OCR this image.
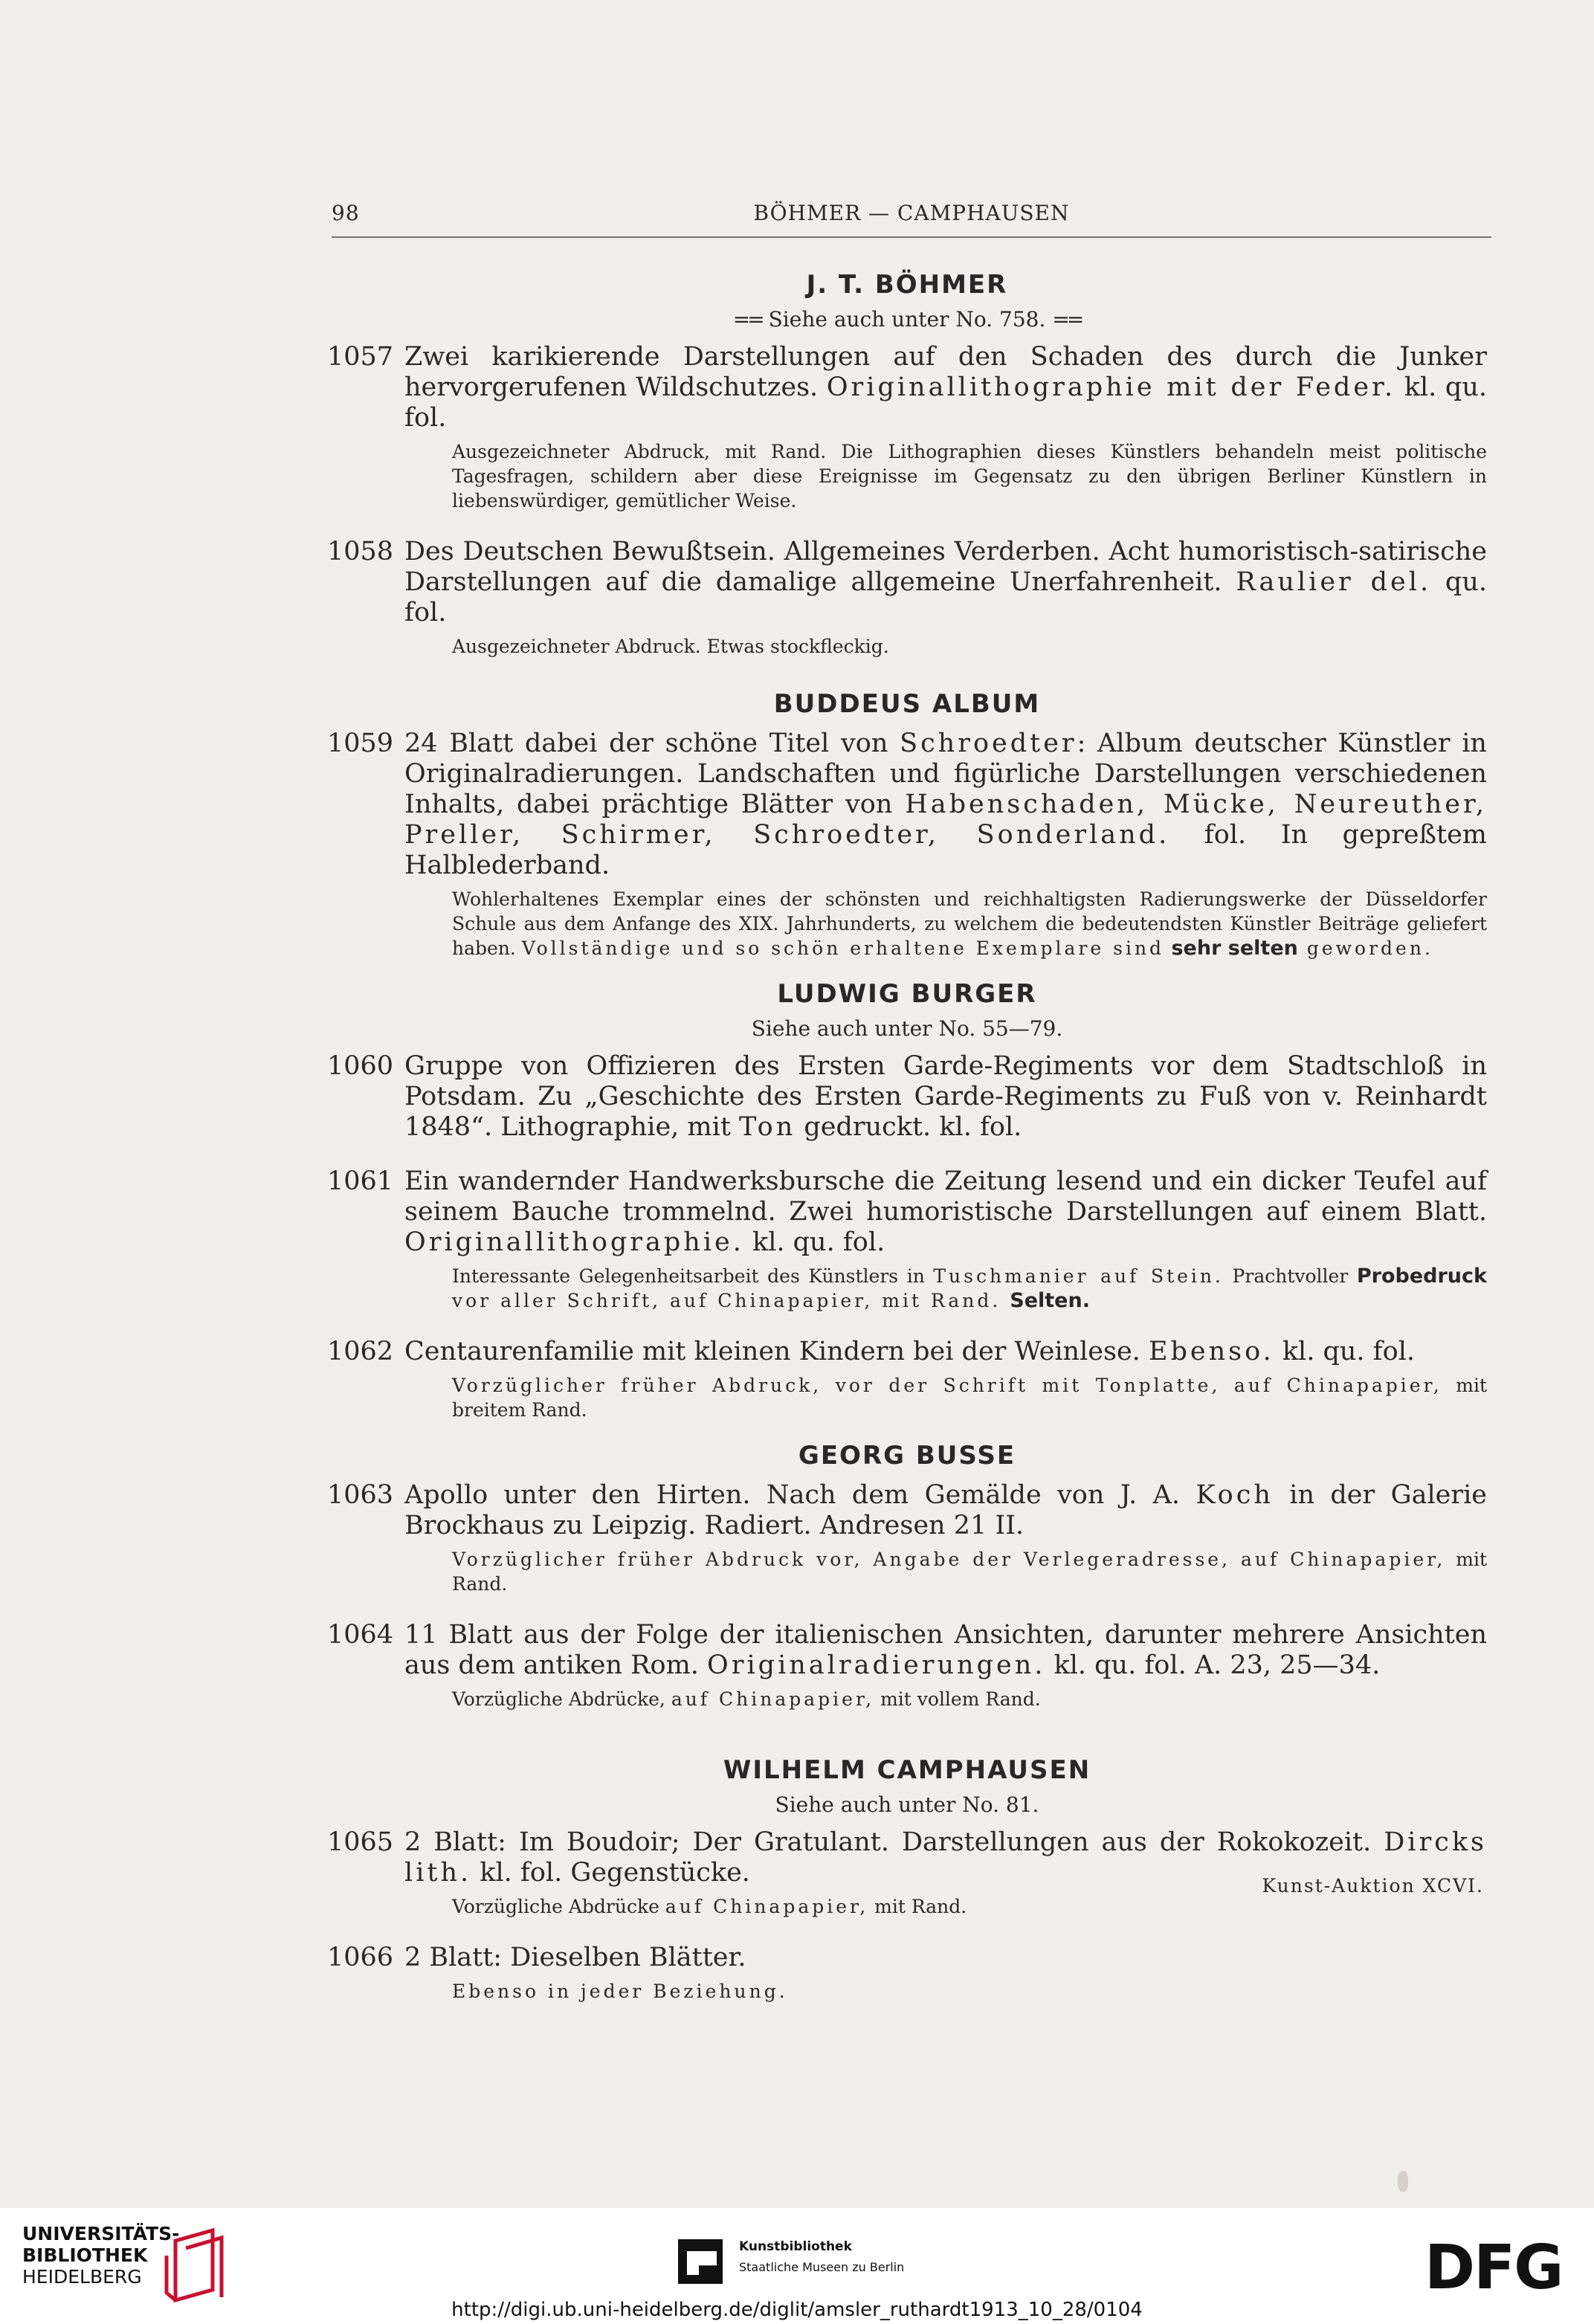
98	BÖHMER — CAMPHAUSEN
J. T. BÖHMER
== Siehe auch unter No. 758. ==
1057 Zwei karikierende Darstellungen auf den Schaden des durch die Junker hervorgerufenen Wildschutzes. Originallithographie mit der Feder. kl. qu. fol.
Ausgezeichneter Abdruck, mit Rand. Die Lithographien dieses Künstlers behandeln meist politische Tagesfragen, schildern aber diese Ereignisse im Gegensatz zu den übrigen Berliner Künstlern in liebenswürdiger, gemütlicher Weise.
1058 Des Deutschen Bewußtsein. Allgemeines Verderben. Acht humoristisch-satirische Darstellungen auf die damalige allgemeine Unerfahrenheit. Raulier del. qu. fol.
Ausgezeichneter Abdruck. Etwas stockfleckig.
BUDDEUS ALBUM
1059 24 Blatt dabei der schöne Titel von Schroedter: Album deutscher Künstler in Originalradierungen. Landschaften und figürliche Darstellungen verschiedenen Inhalts, dabei prächtige Blätter von Habenschaden, Mücke, Neureuther, Preller, Schirmer, Schroedter, Sonderland. fol. In gepreßtem Halblederband.
Wohlerhaltenes Exemplar eines der schönsten und reichhaltigsten Radierungswerke der Düsseldorfer Schule aus dem Anfange des XIX. Jahrhunderts, zu welchem die bedeutendsten Künstler Beiträge geliefert haben. Vollständige und so schön erhaltene Exemplare sind sehr selten geworden.
LUDWIG BURGER
Siehe auch unter No. 55—79.
1060 Gruppe von Offizieren des Ersten Garde-Regiments vor dem Stadtschloß in Potsdam. Zu „Geschichte des Ersten Garde-Regiments zu Fuß von v. Reinhardt 1848“. Lithographie, mit Ton gedruckt. kl. fol.
1061 Ein wandernder Handwerksbursche die Zeitung lesend und ein dicker Teufel auf seinem Bauche trommelnd. Zwei humoristische Darstellungen auf einem Blatt. Originallithographie. kl. qu. fol.
Interessante Gelegenheitsarbeit des Künstlers in Tuschmanier auf Stein. Prachtvoller Probedruck vor aller Schrift, auf Chinapapier, mit Rand. Selten.
1062 Centaurenfamilie mit kleinen Kindern bei der Weinlese. Ebenso. kl. qu. fol.
Vorzüglicher früher Abdruck, vor der Schrift mit Tonplatte, auf Chinapapier, mit breitem Rand.
GEORG BUSSE
1063 Apollo unter den Hirten. Nach dem Gemälde von J. A. Koch in der Galerie Brockhaus zu Leipzig. Radiert. Andresen 21 II.
Vorzüglicher früher Abdruck vor, Angabe der Verlegeradresse, auf Chinapapier, mit Rand.
1064 11 Blatt aus der Folge der italienischen Ansichten, darunter mehrere Ansichten aus dem antiken Rom. Originalradierungen. kl. qu. fol. A. 23, 25—34.
Vorzügliche Abdrücke, auf Chinapapier, mit vollem Rand.
WILHELM CAMPHAUSEN
Siehe auch unter No. 81.
1065 2 Blatt: Im Boudoir; Der Gratulant. Darstellungen aus der Rokokozeit. Dircks lith. kl. fol. Gegenstücke.
Vorzügliche Abdrücke auf Chinapapier, mit Rand.
1066 2 Blatt: Dieselben Blätter.
Ebenso in jeder Beziehung.
Kunst-Auktion XCVI.
UNIVERSITÄTS-
BIBLIOTHEK
HEIDELBERG
Kunstbibliothek
Staatliche Museen zu Berlin	DFG
http://digi.ub.uni-heidelberg.de/diglit/amsler_ruthardt1913_10_28/0104
